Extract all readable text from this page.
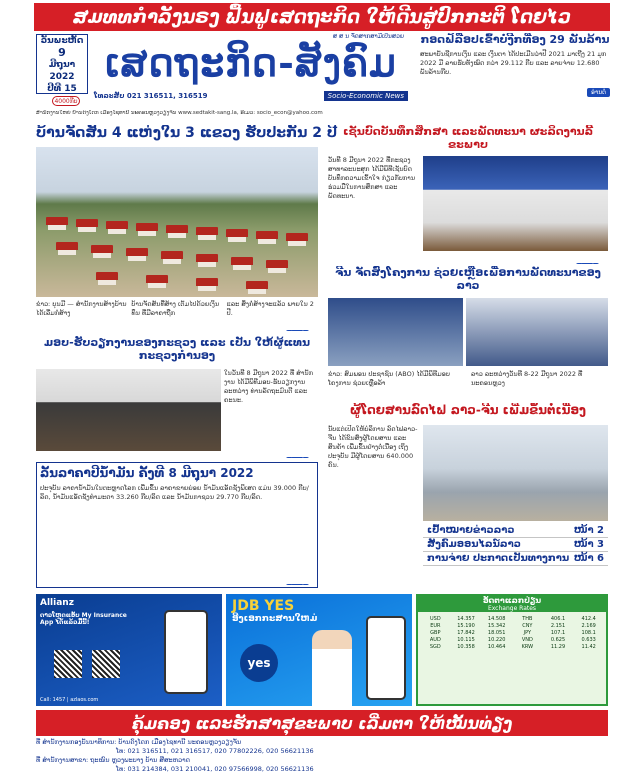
ສມທທກຳລັງນຣງ ຟື້ນຟູເສດຖະກິດ ໃຫ້ດີນສູ່ປົກກະຕິ ໂດຍໄວ
ວັນພະຫັດ
9
ມີຖຸນາ 2022
ປີທີ 15
4000ກີບ
ສ ສ ນ ຈັດສາກສາມືເປັນສວຍ
ເສດຖະກິດ-ສັງຄົມ
ໂທລະສັບ 021 316511, 316519	Socio-Economic News
ສຳນັກງານໃຫຍ່ ບ້ານດົງໂດກ ເມືອງໄຊທານີ ນະຄອນຫຼວງວຽງຈັນ www.sedtakit-sang.la, ອີເມວ: socio_econ@yahoo.com
ກອດຟ້ລືອປເຂົ້າບໍ່ງີກທີ່ອງ 29 ພັນລ້ານ
ສະພາບັນຊີການເງິນ ແລະ ເງິນຕາ ໄດ້ປະເມີນວ່າປີ 2021 ມາເຖີງ 21 ມຸກ 2022 ມີ ລາຍຮັບທັງໝົດ ກວ່າ 29.112 ກີບ ແລະ ລາຍຈ່າຍ 12.680 ພັນລ້ານກີບ.
ອ່ານຕໍ່
ບ້ານຈັດສັນ 4 ແຫ່ງໃນ 3 ແຂວງ ຮັບປະກັນ 2 ປີ
ຂ່າວ: ບຸນມີ — ສຳນັກງານສ້າງບ້ານໄດ້ເລີ່ມກໍ່ສ້າງ
ບ້ານຈັດສັນທີ່ສ້າງ ເຕັມໄປດ້ວຍເງິນທຶນ ທີ່ມີລາຄາຖືກ
ແລະ ສິ່ງກໍ່ສ້າງຈະແລ້ວ ພາຍໃນ 2 ປີ.
ເຊັນບົດບັນທຶກສຶກສາ ແລະພັດທະນາ ຜະລິດງານລີ້ຂະພາບ
ວັນທີ 8 ມີຖຸນາ 2022 ທີ່ກະຊວງສາທາລະນະສຸກ ໄດ້ມີພິທີເຊັນບົດບັນທຶກຄວາມເຂົ້າໃຈ ກ່ຽວກັບການຮ່ວມມືໃນການສຶກສາ ແລະ ພັດທະນາ.
ຈີນ ຈັດສົ່ງໂຄງການ ຊ່ວຍເຫຼືອເພື່ອການພັດທະນາຂອງລາວ
ຂ່າວ: ສົມພອນ ປະຊາຊົນ (ABO) ໄດ້ມີພິທີມອບ ໂຄງການ ຊ່ວຍເຫຼືອລ້າ
ລາວ ລະຫວ່າງວັນທີ 8-22 ມີຖຸນາ 2022 ທີ່ນະຄອນຫຼວງ
ມອບ-ຮັບວຽກງານຂອງກະຊວງ ແລະ ເປັນ ໃຫ້ຜູ້ແທນກະຊວງກຳນອງ
ໃນວັນທີ 8 ມີຖຸນາ 2022 ທີ່ ສໍານັກງານ ໄດ້ມີພິທີມອບ-ຮັບວຽກງານ ລະຫວ່າງ ທ່ານລັດຖະມົນຕີ ແລະ ຄະນະ.
ລັ້ນລາຄາປີນ້ຳມັນ ຄັ້ງທີ 8 ມີຖຸນາ 2022
ປະຈຸບັນ ລາຄານ້ຳມັນໃນຕະຫຼາດໂລກ ເພີ່ມຂຶ້ນ ລາຄາຂາຍຍ່ອຍ ນ້ຳມັນແອັດຊັງພິເສດ ແມ່ນ 39.000 ກີບ/ລິດ, ນ້ຳມັນແອັດຊັງທຳມະດາ 33.260 ກີບ/ລິດ ແລະ ນ້ຳມັນກາຊວນ 29.770 ກີບ/ລິດ.
ຜູ້ໂດຍສານລົດໄຟ ລາວ-ຈີນ ເພີ່ມຂຶ້ນຕໍ່ເນື່ອງ
ນັບແຕ່ເປີດໃຫ້ບໍລິການ ລົດໄຟລາວ-ຈີນ ໄດ້ຂົນສົ່ງຜູ້ໂດຍສານ ແລະ ສິນຄ້າ ເພີ່ມຂຶ້ນຢ່າງຕໍ່ເນື່ອງ ເຖິງປະຈຸບັນ ມີຜູ້ໂດຍສານ 640.000 ຄົນ.
ເປົ້າໝາຍຂ່າວລາວ	ໜ້າ 2
ສັງຄົມອອນໄລນ໌ລາວ	ໜ້າ 3
ການຈ່າຍ ປະກາດເປັນທາງການ ໜ້າ 6
Allianz
ດາວໂຫຼດແອັບ My Insurance App ໄດ້ແລ້ວມື້ນີ້!
Call: 1457 | azlaos.com
JDB YES
ອີງເອກກະສານໃຫມ່
yes
ອັດຕາແລກປ່ຽນ
Exchange Rates
USD	14.357	14.508	THB	406.1	412.4
EUR	15.190	15.342	CNY	2.151	2.169
GBP	17.842	18.051	JPY	107.1	108.1
AUD	10.115	10.220	VND	0.625	0.633
SGD	10.358	10.464	KRW	11.29	11.42
ຄຸ້ມຄອງ ແລະຮັກສາສຸຂະພາບ ເລີ່ມຕາ ໃຫ້ໝັ້ນທ່ຽງ
ທີ່ ສຳນັກງານກອງບັນນາທິການ: ບ້ານດົງໂດກ ເມືອງໄຊທານີ ນະຄອນຫຼວງວຽງຈັນ
ໂທ: 021 316511, 021 316517, 020 77802226, 020 56621136
ທີ່ ສຳນັກງານສາຂາ: ຖະໜົນ ຫຼວງພະບາງ ບ້ານ ສີສະຫວາດ
ໂທ: 031 214384, 031 210041, 020 97566998, 020 56621136
